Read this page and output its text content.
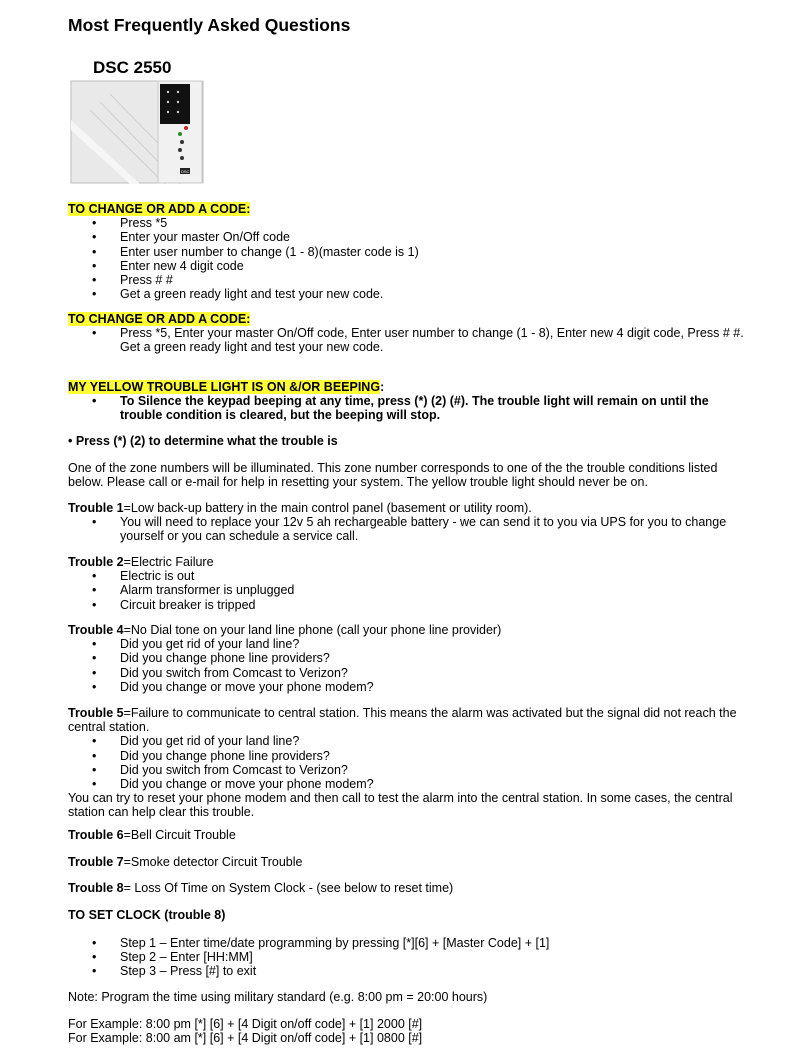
Most Frequently Asked Questions
DSC 2550
DSC

TO CHANGE OR ADD A CODE:

• Press *5
• Enter your master On/Off code
• Enter user number to change (1 - 8)(master code is 1)
• Enter new 4 digit code
• Press # #
• Get a green ready light and test your new code.

TO CHANGE OR ADD A CODE:

• Press *5, Enter your master On/Off code, Enter user number to change (1 - 8), Enter new 4 digit code, Press # #. Get a green ready light and test your new code.

MY YELLOW TROUBLE LIGHT IS ON &/OR BEEPING:

• To Silence the keypad beeping at any time, press (*) (2) (#). The trouble light will remain on until the trouble condition is cleared, but the beeping will stop.

• Press (*) (2) to determine what the trouble is

One of the zone numbers will be illuminated. This zone number corresponds to one of the the trouble conditions listed below. Please call or e-mail for help in resetting your system. The yellow trouble light should never be on.

Trouble 1=Low back-up battery in the main control panel (basement or utility room).

• You will need to replace your 12v 5 ah rechargeable battery - we can send it to you via UPS for you to change yourself or you can schedule a service call.

Trouble 2=Electric Failure

• Electric is out
• Alarm transformer is unplugged
• Circuit breaker is tripped

Trouble 4=No Dial tone on your land line phone (call your phone line provider)

• Did you get rid of your land line?
• Did you change phone line providers?
• Did you switch from Comcast to Verizon?
• Did you change or move your phone modem?

Trouble 5=Failure to communicate to central station. This means the alarm was activated but the signal did not reach the central station.

• Did you get rid of your land line?
• Did you change phone line providers?
• Did you switch from Comcast to Verizon?
• Did you change or move your phone modem?

You can try to reset your phone modem and then call to test the alarm into the central station. In some cases, the central station can help clear this trouble.

Trouble 6=Bell Circuit Trouble

Trouble 7=Smoke detector Circuit Trouble

Trouble 8= Loss Of Time on System Clock - (see below to reset time)

TO SET CLOCK (trouble 8)

• Step 1 – Enter time/date programming by pressing [*][6] + [Master Code] + [1]
• Step 2 – Enter [HH:MM]
• Step 3 – Press [#] to exit

Note: Program the time using military standard (e.g. 8:00 pm = 20:00 hours)

For Example: 8:00 pm [*] [6] + [4 Digit on/off code] + [1] 2000 [#]

For Example: 8:00 am [*] [6] + [4 Digit on/off code] + [1] 0800 [#]
